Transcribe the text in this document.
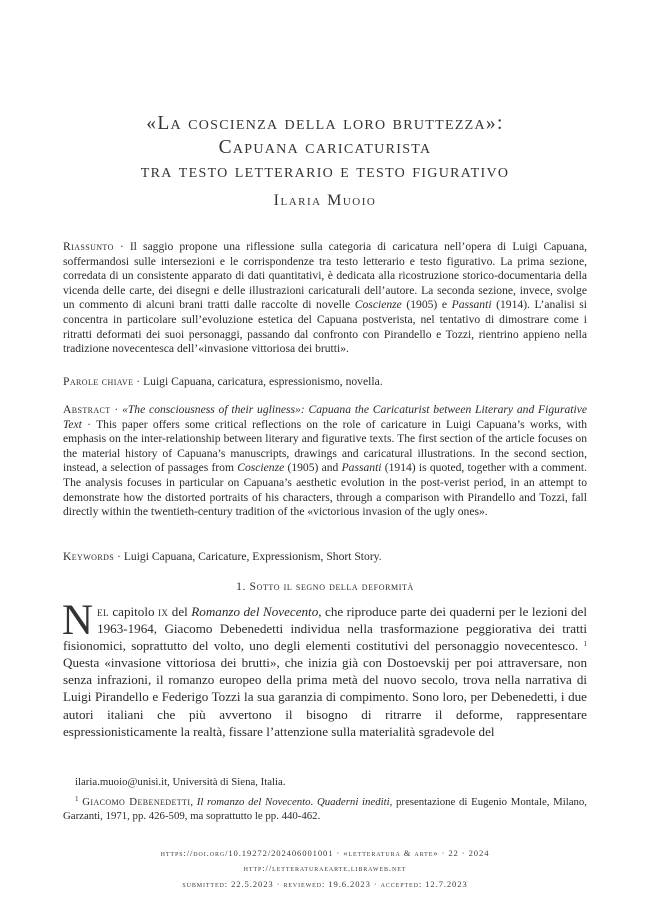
«La coscienza della loro bruttezza»:
Capuana caricaturista
tra testo letterario e testo figurativo
Ilaria Muoio
Riassunto · Il saggio propone una riflessione sulla categoria di caricatura nell’opera di Luigi Capuana, soffermandosi sulle intersezioni e le corrispondenze tra testo letterario e testo figurativo. La prima sezione, corredata di un consistente apparato di dati quantitativi, è dedicata alla ricostruzione storico-documentaria della vicenda delle carte, dei disegni e delle illustrazioni caricaturali dell’autore. La seconda sezione, invece, svolge un commento di alcuni brani tratti dalle raccolte di novelle Coscienze (1905) e Passanti (1914). L’analisi si concentra in particolare sull’evoluzione estetica del Capuana postverista, nel tentativo di dimostrare come i ritratti deformati dei suoi personaggi, passando dal confronto con Pirandello e Tozzi, rientrino appieno nella tradizione novecentesca dell’«invasione vittoriosa dei brutti».
Parole chiave · Luigi Capuana, caricatura, espressionismo, novella.
Abstract · «The consciousness of their ugliness»: Capuana the Caricaturist between Literary and Figurative Text · This paper offers some critical reflections on the role of caricature in Luigi Capuana’s works, with emphasis on the inter-relationship between literary and figurative texts. The first section of the article focuses on the material history of Capuana’s manuscripts, drawings and caricatural illustrations. In the second section, instead, a selection of passages from Coscienze (1905) and Passanti (1914) is quoted, together with a comment. The analysis focuses in particular on Capuana’s aesthetic evolution in the post-verist period, in an attempt to demonstrate how the distorted portraits of his characters, through a comparison with Pirandello and Tozzi, fall directly within the twentieth-century tradition of the «victorious invasion of the ugly ones».
Keywords · Luigi Capuana, Caricature, Expressionism, Short Story.
1. Sotto il segno della deformità
Nel capitolo ix del Romanzo del Novecento, che riproduce parte dei quaderni per le lezioni del 1963-1964, Giacomo Debenedetti individua nella trasformazione peggiorativa dei tratti fisionomici, soprattutto del volto, uno degli elementi costitutivi del personaggio novecentesco. $^1$ Questa «invasione vittoriosa dei brutti», che inizia già con Dostoevskij per poi attraversare, non senza infrazioni, il romanzo europeo della prima metà del nuovo secolo, trova nella narrativa di Luigi Pirandello e Federigo Tozzi la sua garanzia di compimento. Sono loro, per Debenedetti, i due autori italiani che più avvertono il bisogno di ritrarre il deforme, rappresentare espressionisticamente la realtà, fissare l’attenzione sulla materialità sgradevole del

ilaria.muoio@unisi.it, Università di Siena, Italia.

$^1$ Giacomo Debenedetti, Il romanzo del Novecento. Quaderni inediti, presentazione di Eugenio Montale, Milano, Garzanti, 1971, pp. 426-509, ma soprattutto le pp. 440-462.

https://doi.org/10.19272/202406001001 · «letteratura & arte» · 22 · 2024
http://letteraturaearte.libraweb.net
submitted: 22.5.2023 · reviewed: 19.6.2023 · accepted: 12.7.2023
